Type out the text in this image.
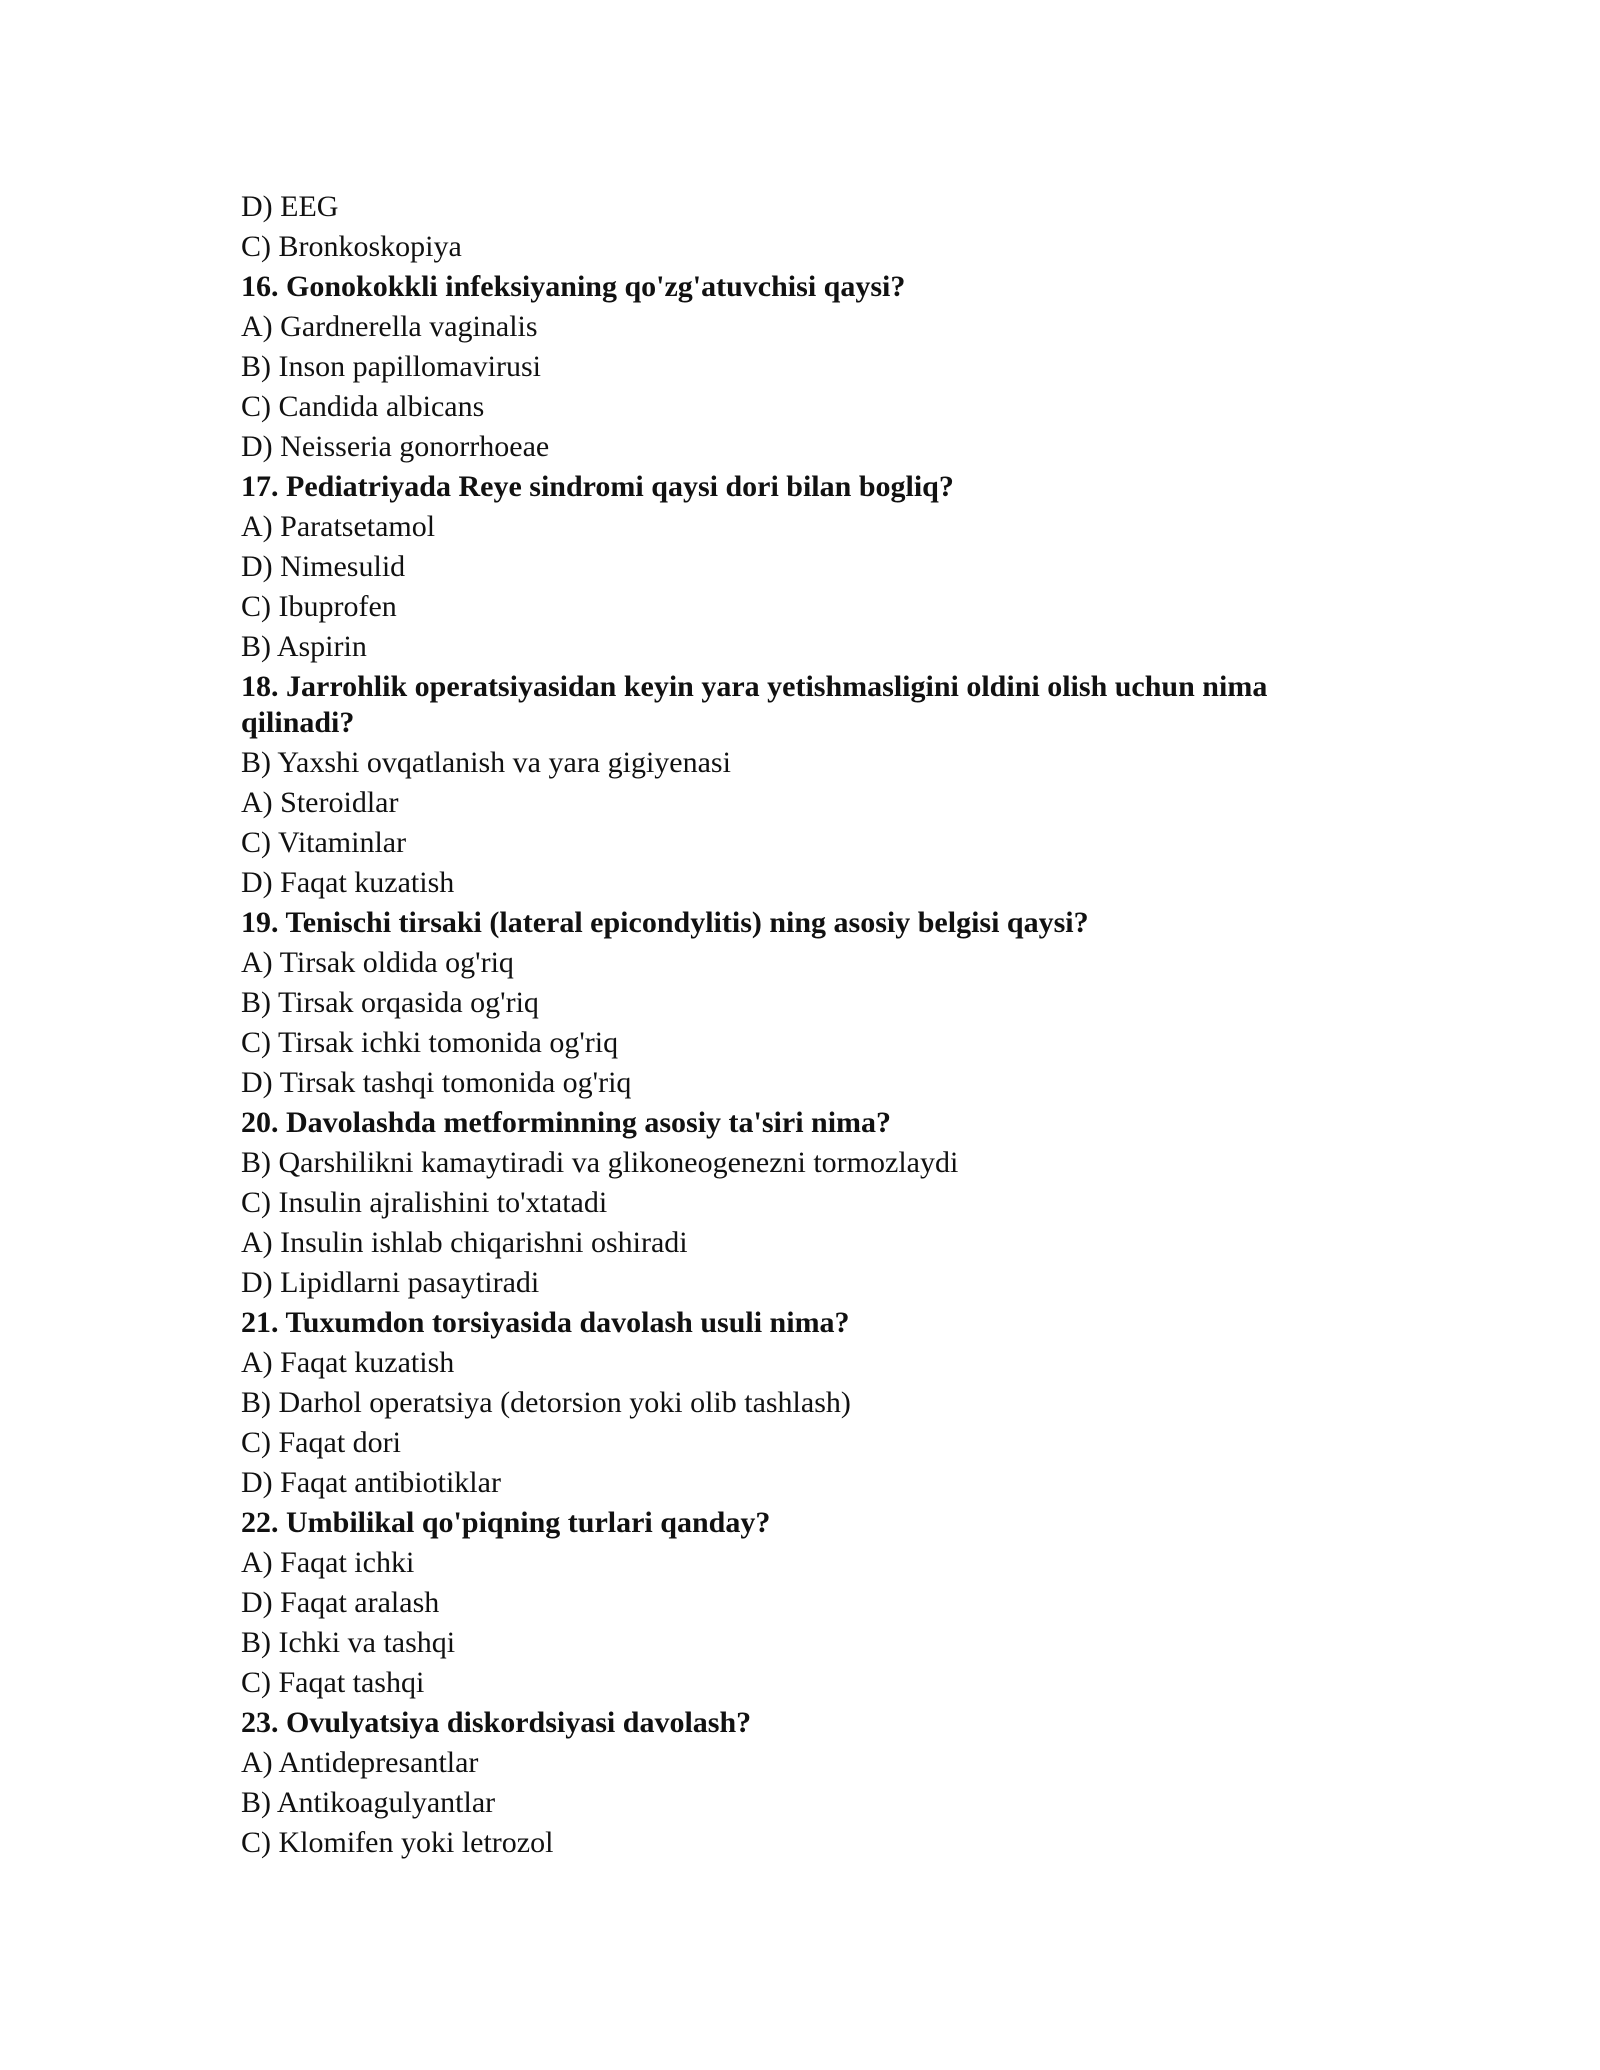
D) EEG
C) Bronkoskopiya
16. Gonokokkli infeksiyaning qo'zg'atuvchisi qaysi?
A) Gardnerella vaginalis
B) Inson papillomavirusi
C) Candida albicans
D) Neisseria gonorrhoeae
17. Pediatriyada Reye sindromi qaysi dori bilan bogliq?
A) Paratsetamol
D) Nimesulid
C) Ibuprofen
B) Aspirin
18. Jarrohlik operatsiyasidan keyin yara yetishmasligini oldini olish uchun nima qilinadi?
B) Yaxshi ovqatlanish va yara gigiyenasi
A) Steroidlar
C) Vitaminlar
D) Faqat kuzatish
19. Tenischi tirsaki (lateral epicondylitis) ning asosiy belgisi qaysi?
A) Tirsak oldida og'riq
B) Tirsak orqasida og'riq
C) Tirsak ichki tomonida og'riq
D) Tirsak tashqi tomonida og'riq
20. Davolashda metforminning asosiy ta'siri nima?
B) Qarshilikni kamaytiradi va glikoneogenezni tormozlaydi
C) Insulin ajralishini to'xtatadi
A) Insulin ishlab chiqarishni oshiradi
D) Lipidlarni pasaytiradi
21. Tuxumdon torsiyasida davolash usuli nima?
A) Faqat kuzatish
B) Darhol operatsiya (detorsion yoki olib tashlash)
C) Faqat dori
D) Faqat antibiotiklar
22. Umbilikal qo'piqning turlari qanday?
A) Faqat ichki
D) Faqat aralash
B) Ichki va tashqi
C) Faqat tashqi
23. Ovulyatsiya diskordsiyasi davolash?
A) Antidepresantlar
B) Antikoagulyantlar
C) Klomifen yoki letrozol
